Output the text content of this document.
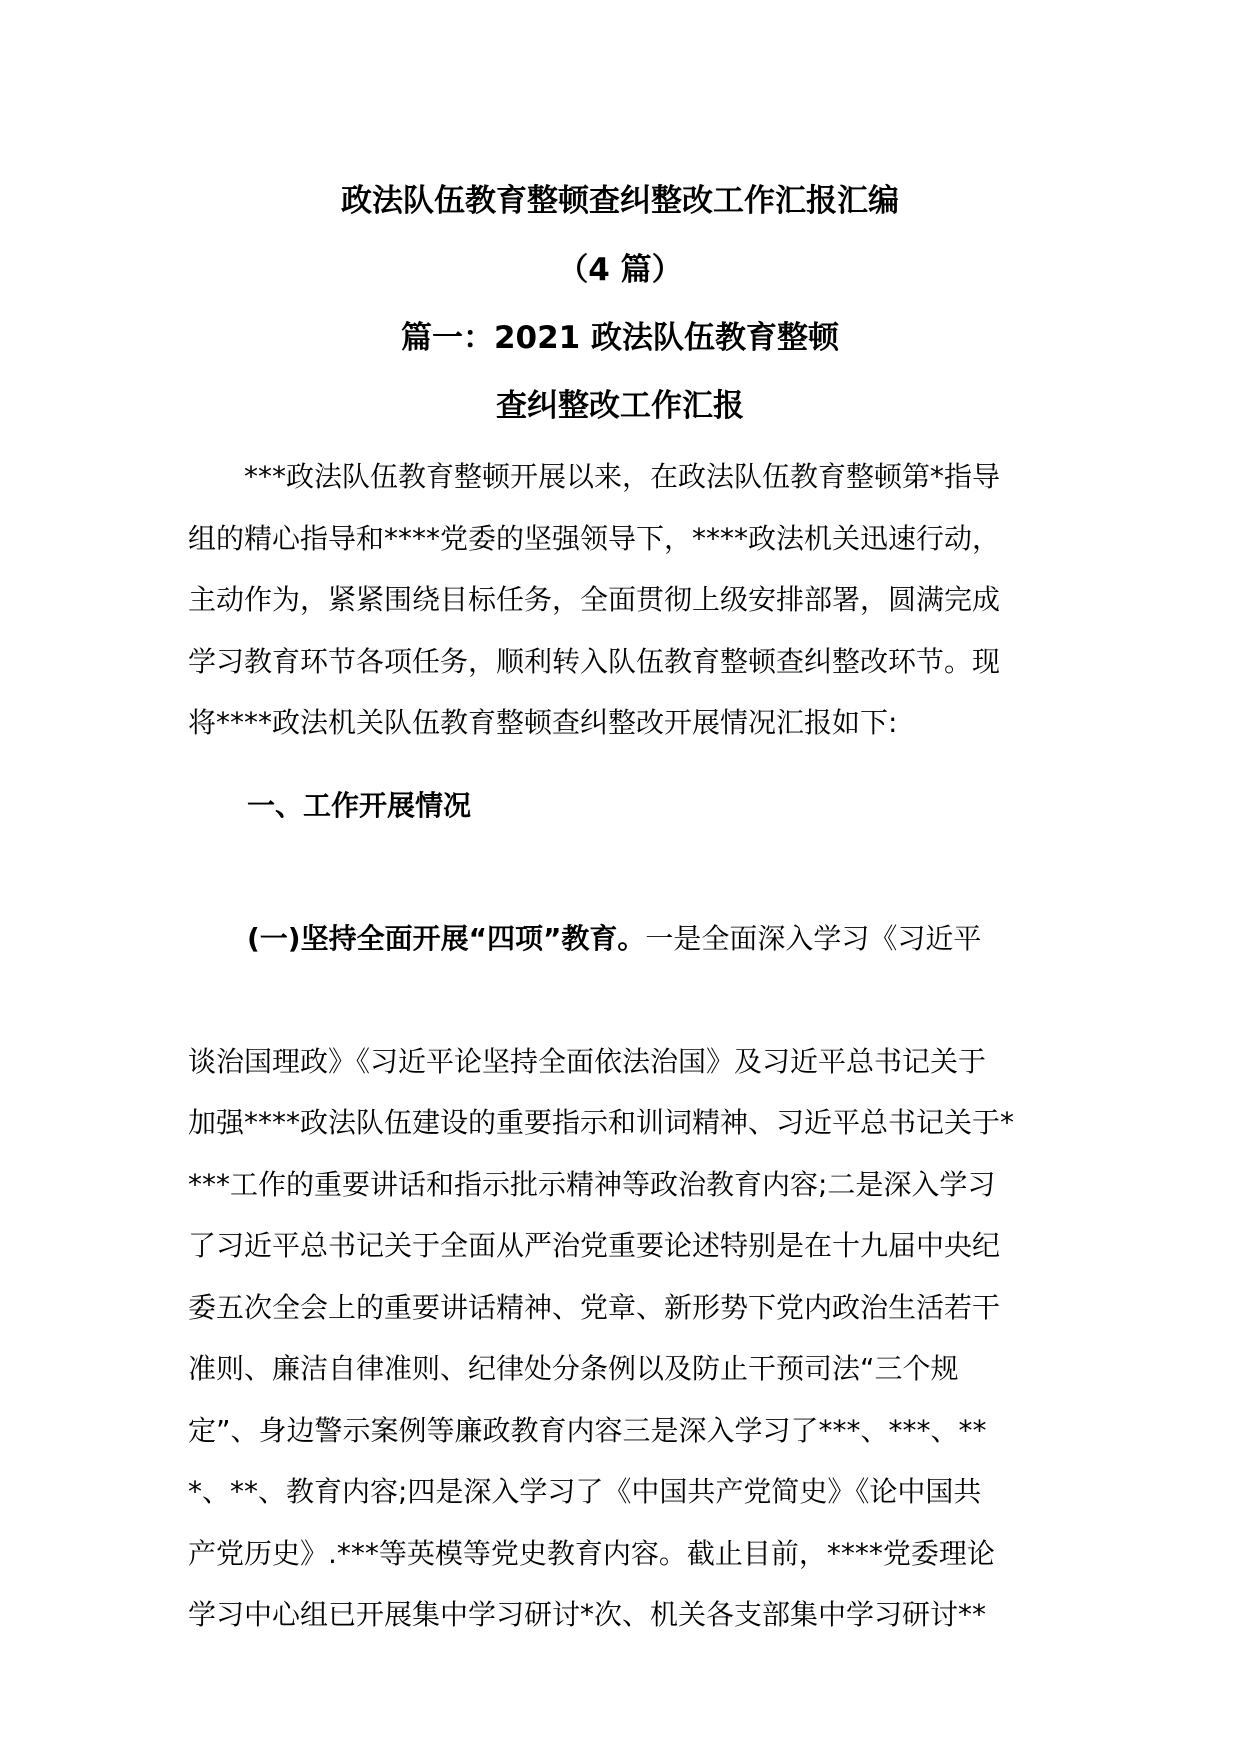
政法队伍教育整顿查纠整改工作汇报汇编
（4 篇）
篇一：2021 政法队伍教育整顿
查纠整改工作汇报
***政法队伍教育整顿开展以来，在政法队伍教育整顿第*指导
组的精心指导和****党委的坚强领导下，****政法机关迅速行动，
主动作为，紧紧围绕目标任务，全面贯彻上级安排部署，圆满完成
学习教育环节各项任务，顺利转入队伍教育整顿查纠整改环节。现
将****政法机关队伍教育整顿查纠整改开展情况汇报如下:
一、工作开展情况

(一)坚持全面开展“四项”教育。一是全面深入学习《习近平

谈治国理政》《习近平论坚持全面依法治国》及习近平总书记关于
加强****政法队伍建设的重要指示和训词精神、习近平总书记关于*
***工作的重要讲话和指示批示精神等政治教育内容;二是深入学习
了习近平总书记关于全面从严治党重要论述特别是在十九届中央纪
委五次全会上的重要讲话精神、党章、新形势下党内政治生活若干
准则、廉洁自律准则、纪律处分条例以及防止干预司法“三个规
定”、身边警示案例等廉政教育内容三是深入学习了***、***、**
*、**、教育内容;四是深入学习了《中国共产党简史》《论中国共
产党历史》.***等英模等党史教育内容。截止目前，****党委理论
学习中心组已开展集中学习研讨*次、机关各支部集中学习研讨**
